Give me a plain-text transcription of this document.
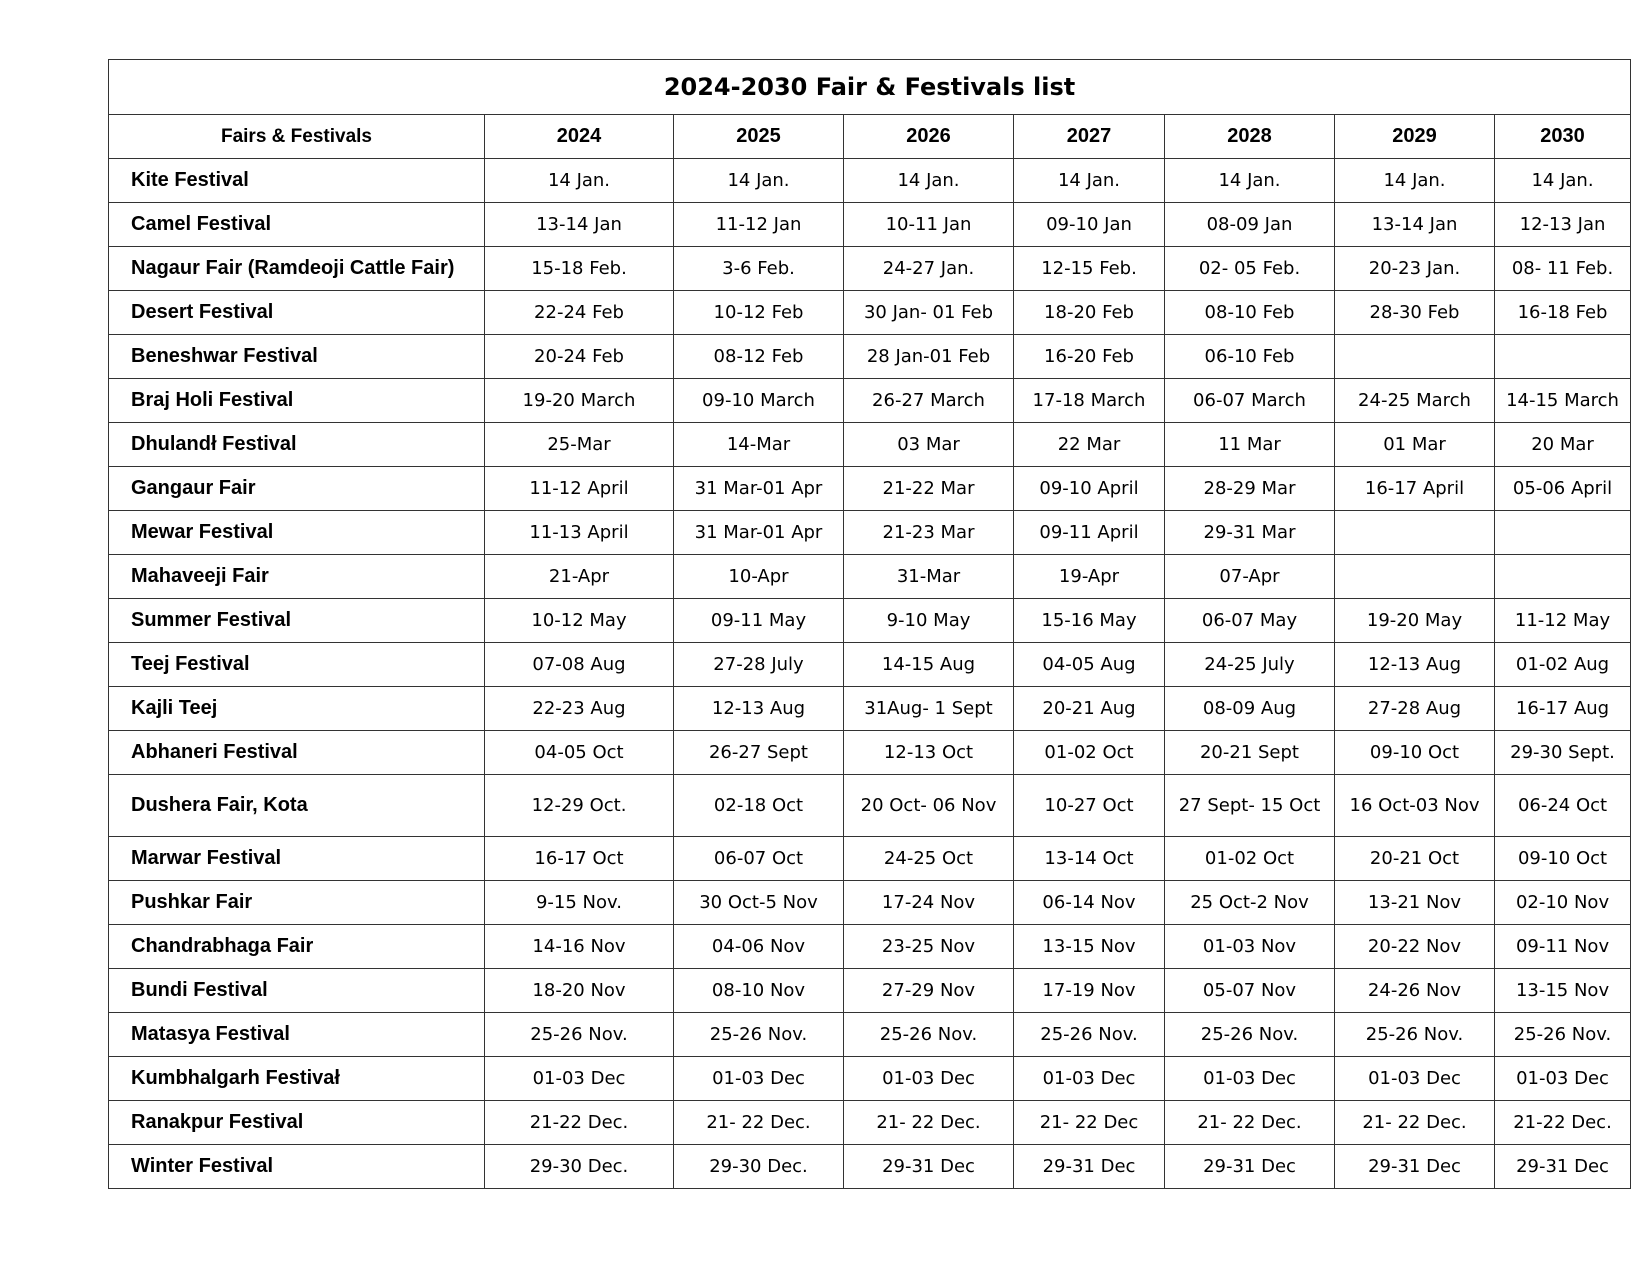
2024-2030 Fair & Festivals list							
Fairs & Festivals	2024	2025	2026	2027	2028	2029	2030
Kite Festival	14 Jan.	14 Jan.	14 Jan.	14 Jan.	14 Jan.	14 Jan.	14 Jan.
Camel Festival	13-14 Jan	11-12 Jan	10-11 Jan	09-10 Jan	08-09 Jan	13-14 Jan	12-13 Jan
Nagaur Fair (Ramdeoji Cattle Fair)	15-18 Feb.	3-6 Feb.	24-27 Jan.	12-15 Feb.	02- 05 Feb.	20-23 Jan.	08- 11 Feb.
Desert Festival	22-24 Feb	10-12 Feb	30 Jan- 01 Feb	18-20 Feb	08-10 Feb	28-30 Feb	16-18 Feb
Beneshwar Festival	20-24 Feb	08-12 Feb	28 Jan-01 Feb	16-20 Feb	06-10 Feb		
Braj Holi Festival	19-20 March	09-10 March	26-27 March	17-18 March	06-07 March	24-25 March	14-15 March
Dhulandł Festival	25-Mar	14-Mar	03 Mar	22 Mar	11 Mar	01 Mar	20 Mar
Gangaur Fair	11-12 April	31 Mar-01 Apr	21-22 Mar	09-10 April	28-29 Mar	16-17 April	05-06 April
Mewar Festival	11-13 April	31 Mar-01 Apr	21-23 Mar	09-11 April	29-31 Mar		
Mahaveeji Fair	21-Apr	10-Apr	31-Mar	19-Apr	07-Apr		
Summer Festival	10-12 May	09-11 May	9-10 May	15-16 May	06-07 May	19-20 May	11-12 May
Teej Festival	07-08 Aug	27-28 July	14-15 Aug	04-05 Aug	24-25 July	12-13 Aug	01-02 Aug
Kajli Teej	22-23 Aug	12-13 Aug	31Aug- 1 Sept	20-21 Aug	08-09 Aug	27-28 Aug	16-17 Aug
Abhaneri Festival	04-05 Oct	26-27 Sept	12-13 Oct	01-02 Oct	20-21 Sept	09-10 Oct	29-30 Sept.
Dushera Fair, Kota	12-29 Oct.	02-18 Oct	20 Oct- 06 Nov	10-27 Oct	27 Sept- 15 Oct	16 Oct-03 Nov	06-24 Oct
Marwar Festival	16-17 Oct	06-07 Oct	24-25 Oct	13-14 Oct	01-02 Oct	20-21 Oct	09-10 Oct
Pushkar Fair	9-15 Nov.	30 Oct-5 Nov	17-24 Nov	06-14 Nov	25 Oct-2 Nov	13-21 Nov	02-10 Nov
Chandrabhaga Fair	14-16 Nov	04-06 Nov	23-25 Nov	13-15 Nov	01-03 Nov	20-22 Nov	09-11 Nov
Bundi Festival	18-20 Nov	08-10 Nov	27-29 Nov	17-19 Nov	05-07 Nov	24-26 Nov	13-15 Nov
Matasya Festival	25-26 Nov.	25-26 Nov.	25-26 Nov.	25-26 Nov.	25-26 Nov.	25-26 Nov.	25-26 Nov.
Kumbhalgarh Festivał	01-03 Dec	01-03 Dec	01-03 Dec	01-03 Dec	01-03 Dec	01-03 Dec	01-03 Dec
Ranakpur Festival	21-22 Dec.	21- 22 Dec.	21- 22 Dec.	21- 22 Dec	21- 22 Dec.	21- 22 Dec.	21-22 Dec.
Winter Festival	29-30 Dec.	29-30 Dec.	29-31 Dec	29-31 Dec	29-31 Dec	29-31 Dec	29-31 Dec
